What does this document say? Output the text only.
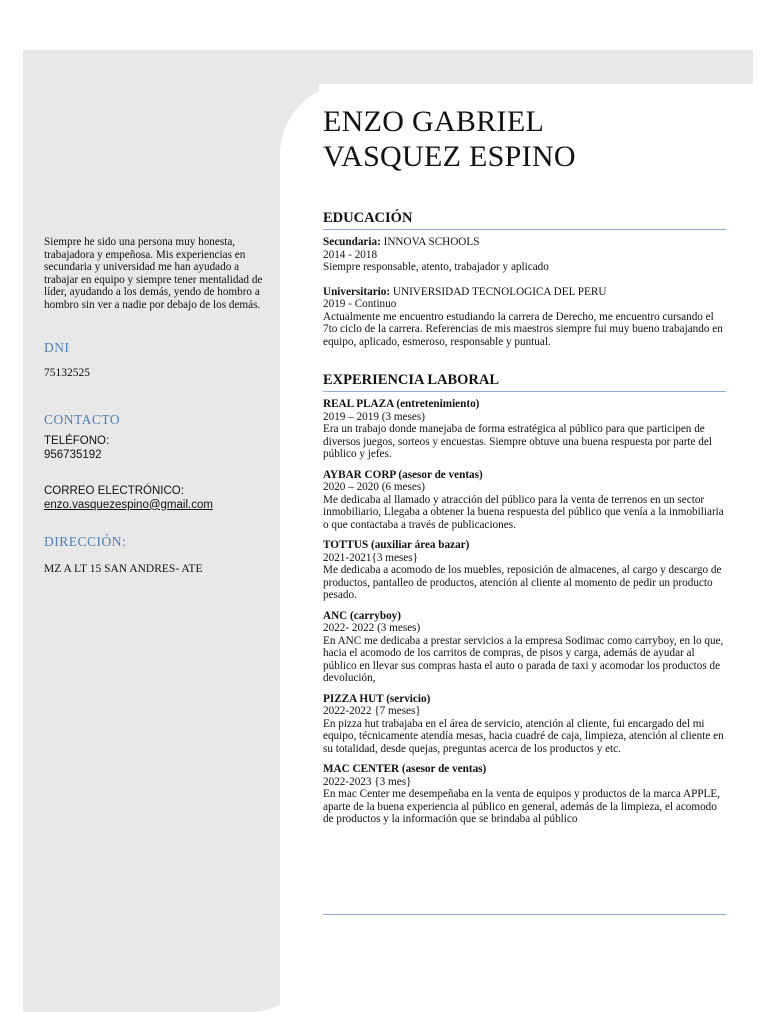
Siempre he sido una persona muy honesta, trabajadora y empeñosa. Mis experiencias en secundaria y universidad me han ayudado a trabajar en equipo y siempre tener mentalidad de líder, ayudando a los demás, yendo de hombro a hombro sin ver a nadie por debajo de los demás.

DNI

75132525

CONTACTO

TELÉFONO:

956735192

CORREO ELECTRÓNICO:

enzo.vasquezespino@gmail.com

DIRECCIÓN:

MZ A LT 15 SAN ANDRES- ATE

ENZO GABRIEL
VASQUEZ ESPINO
EDUCACIÓN

Secundaria: INNOVA SCHOOLS

2014 - 2018

Siempre responsable, atento, trabajador y aplicado

Universitario: UNIVERSIDAD TECNOLOGICA DEL PERU

2019 - Continuo

Actualmente me encuentro estudiando la carrera de Derecho, me encuentro cursando el 7to ciclo de la carrera. Referencias de mis maestros siempre fui muy bueno trabajando en equipo, aplicado, esmeroso, responsable y puntual.

EXPERIENCIA LABORAL

REAL PLAZA (entretenimiento)

2019 – 2019 (3 meses)

Era un trabajo donde manejaba de forma estratégica al público para que participen de diversos juegos, sorteos y encuestas. Siempre obtuve una buena respuesta por parte del público y jefes.

AYBAR CORP (asesor de ventas)

2020 – 2020 (6 meses)

Me dedicaba al llamado y atracción del público para la venta de terrenos en un sector inmobiliario, Llegaba a obtener la buena respuesta del público que venía a la inmobiliaria o que contactaba a través de publicaciones.

TOTTUS (auxiliar área bazar)

2021-2021{3 meses}

Me dedicaba a acomodo de los muebles, reposición de almacenes, al cargo y descargo de productos, pantalleo de productos, atención al cliente al momento de pedir un producto pesado.

ANC (carryboy)

2022- 2022 (3 meses)

En ANC me dedicaba a prestar servicios a la empresa Sodimac como carryboy, en lo que, hacia el acomodo de los carritos de compras, de pisos y carga, además de ayudar al público en llevar sus compras hasta el auto o parada de taxi y acomodar los productos de devolución,

PIZZA HUT (servicio)

2022-2022 {7 meses}

En pizza hut trabajaba en el área de servicio, atención al cliente, fui encargado del mi equipo, técnicamente atendía mesas, hacia cuadré de caja, limpieza, atención al cliente en su totalidad, desde quejas, preguntas acerca de los productos y etc.

MAC CENTER (asesor de ventas)

2022-2023 {3 mes}

En mac Center me desempeñaba en la venta de equipos y productos de la marca APPLE, aparte de la buena experiencia al público en general, además de la limpieza, el acomodo de productos y la información que se brindaba al público
